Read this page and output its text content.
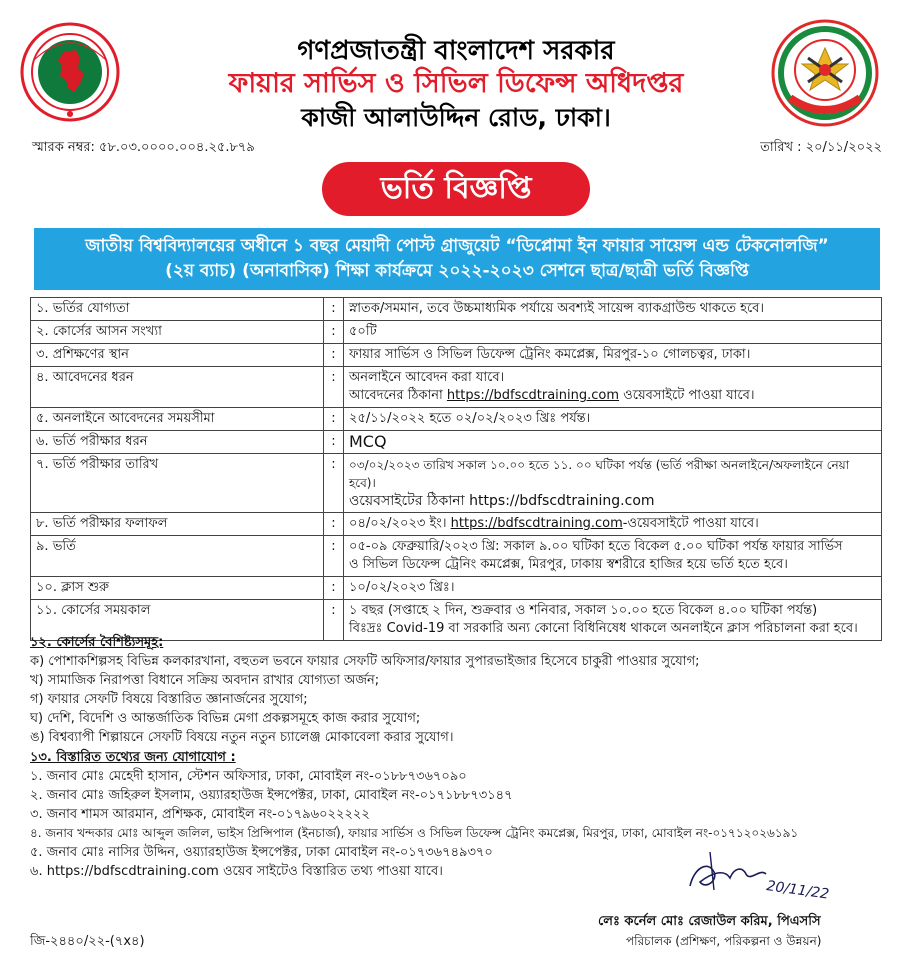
●
গণপ্রজাতন্ত্রী বাংলাদেশ সরকার
ফায়ার সার্ভিস ও সিভিল ডিফেন্স অধিদপ্তর
কাজী আলাউদ্দিন রোড, ঢাকা।
স্মারক নম্বর: ৫৮.০৩.০০০০.০০৪.২৫.৮৭৯	তারিখ : ২০/১১/২০২২
ভর্তি বিজ্ঞপ্তি
জাতীয় বিশ্ববিদ্যালয়ের অধীনে ১ বছর মেয়াদী পোস্ট গ্রাজুয়েট “ডিপ্লোমা ইন ফায়ার সায়েন্স এন্ড টেকনোলজি”
(২য় ব্যাচ) (অনাবাসিক) শিক্ষা কার্যক্রমে ২০২২-২০২৩ সেশনে ছাত্র/ছাত্রী ভর্তি বিজ্ঞপ্তি
১. ভর্তির যোগ্যতা	:	স্নাতক/সমমান, তবে উচ্চমাধ্যমিক পর্যায়ে অবশ্যই সায়েন্স ব্যাকগ্রাউন্ড থাকতে হবে।
২. কোর্সের আসন সংখ্যা	:	৫০টি
৩. প্রশিক্ষণের স্থান	:	ফায়ার সার্ভিস ও সিভিল ডিফেন্স ট্রেনিং কমপ্লেক্স, মিরপুর-১০ গোলচত্বর, ঢাকা।
৪. আবেদনের ধরন	:	অনলাইনে আবেদন করা যাবে।
আবেদনের ঠিকানা https://bdfscdtraining.com ওয়েবসাইটে পাওয়া যাবে।

৫. অনলাইনে আবেদনের সময়সীমা	:	২৫/১১/২০২২ হতে ০২/০২/২০২৩ খ্রিঃ পর্যন্ত।
৬. ভর্তি পরীক্ষার ধরন	:	MCQ
৭. ভর্তি পরীক্ষার তারিখ	:	০৩/০২/২০২৩ তারিখ সকাল ১০.০০ হতে ১১. ০০ ঘটিকা পর্যন্ত (ভর্তি পরীক্ষা অনলাইনে/অফলাইনে নেয়া হবে)।
ওয়েবসাইটের ঠিকানা https://bdfscdtraining.com

৮. ভর্তি পরীক্ষার ফলাফল	:	০৪/০২/২০২৩ ইং। https://bdfscdtraining.com-ওয়েবসাইটে পাওয়া যাবে।
৯. ভর্তি	:	০৫-০৯ ফেব্রুয়ারি/২০২৩ খ্রি: সকাল ৯.০০ ঘটিকা হতে বিকেল ৫.০০ ঘটিকা পর্যন্ত ফায়ার সার্ভিস
ও সিভিল ডিফেন্স ট্রেনিং কমপ্লেক্স, মিরপুর, ঢাকায় স্বশরীরে হাজির হয়ে ভর্তি হতে হবে।

১০. ক্লাস শুরু	:	১০/০২/২০২৩ খ্রিঃ।
১১. কোর্সের সময়কাল	:	১ বছর (সপ্তাহে ২ দিন, শুক্রবার ও শনিবার, সকাল ১০.০০ হতে বিকেল ৪.০০ ঘটিকা পর্যন্ত)
বিঃদ্রঃ Covid-19 বা সরকারি অন্য কোনো বিধিনিষেধ থাকলে অনলাইনে ক্লাস পরিচালনা করা হবে।
১২. কোর্সের বৈশিষ্ট্যসমূহ:
ক) পোশাকশিল্পসহ বিভিন্ন কলকারখানা, বহুতল ভবনে ফায়ার সেফটি অফিসার/ফায়ার সুপারভাইজার হিসেবে চাকুরী পাওয়ার সুযোগ;
খ) সামাজিক নিরাপত্তা বিধানে সক্রিয় অবদান রাখার যোগ্যতা অর্জন;
গ) ফায়ার সেফটি বিষয়ে বিস্তারিত জ্ঞানার্জনের সুযোগ;
ঘ) দেশি, বিদেশি ও আন্তর্জাতিক বিভিন্ন মেগা প্রকল্পসমূহে কাজ করার সুযোগ;
ঙ) বিশ্বব্যাপী শিল্পায়নে সেফটি বিষয়ে নতুন নতুন চ্যালেঞ্জ মোকাবেলা করার সুযোগ।
১৩. বিস্তারিত তথ্যের জন্য যোগাযোগ :
১. জনাব মোঃ মেহেদী হাসান, স্টেশন অফিসার, ঢাকা, মোবাইল নং-০১৮৮৭৩৬৭০৯০
২. জনাব মোঃ জহিরুল ইসলাম, ওয়্যারহাউজ ইন্সপেক্টর, ঢাকা, মোবাইল নং-০১৭১৮৮৭৩১৪৭
৩. জনাব শামস আরমান, প্রশিক্ষক, মোবাইল নং-০১৭৯৬০২২২২২
৪. জনাব খন্দকার মোঃ আব্দুল জলিল, ভাইস প্রিন্সিপাল (ইনচার্জ), ফায়ার সার্ভিস ও সিভিল ডিফেন্স ট্রেনিং কমপ্লেক্স, মিরপুর, ঢাকা, মোবাইল নং-০১৭১২০২৬১৯১
৫. জনাব মোঃ নাসির উদ্দিন, ওয়্যারহাউজ ইন্সপেক্টর, ঢাকা মোবাইল নং-০১৭৩৬৭৪৯৩৭০
৬. https://bdfscdtraining.com ওয়েব সাইটেও বিস্তারিত তথ্য পাওয়া যাবে।
20/11/22
লেঃ কর্নেল মোঃ রেজাউল করিম, পিএসসি
পরিচালক (প্রশিক্ষণ, পরিকল্পনা ও উন্নয়ন)
জি-২৪৪০/২২-(৭x৪)
